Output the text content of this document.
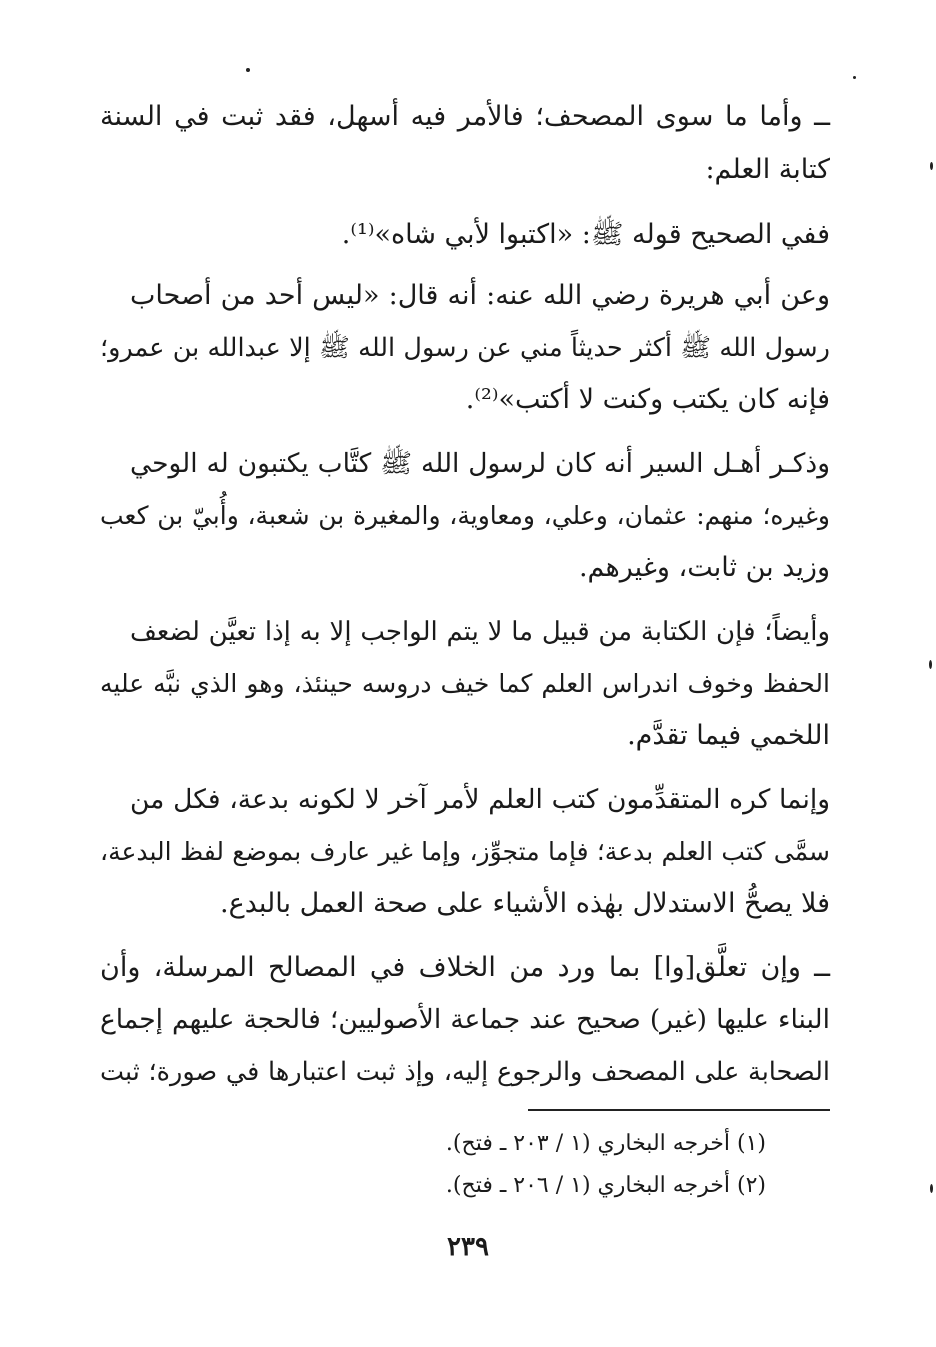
ــ وأما ما سوى المصحف؛ فالأمر فيه أسهل، فقد ثبت في السنة
كتابة العلم:
ففي الصحيح قوله ﷺ: «اكتبوا لأبي شاه»⁽¹⁾.
وعن أبي هريرة رضي الله عنه: أنه قال: «ليس أحد من أصحاب
رسول الله ﷺ أكثر حديثاً مني عن رسول الله ﷺ إلا عبدالله بن عمرو؛
فإنه كان يكتب وكنت لا أكتب»⁽²⁾.
وذكـر أهـل السير أنه كان لرسول الله ﷺ كتَّاب يكتبون له الوحي
وغيره؛ منهم: عثمان، وعلي، ومعاوية، والمغيرة بن شعبة، وأُبيّ بن كعب
وزيد بن ثابت، وغيرهم.
وأيضاً؛ فإن الكتابة من قبيل ما لا يتم الواجب إلا به إذا تعيَّن لضعف
الحفظ وخوف اندراس العلم كما خيف دروسه حينئذ، وهو الذي نبَّه عليه
اللخمي فيما تقدَّم.
وإنما كره المتقدِّمون كتب العلم لأمر آخر لا لكونه بدعة، فكل من
سمَّى كتب العلم بدعة؛ فإما متجوِّز، وإما غير عارف بموضع لفظ البدعة،
فلا يصحُّ الاستدلال بهٰذه الأشياء على صحة العمل بالبدع.
ــ وإن تعلَّق[وا] بما ورد من الخلاف في المصالح المرسلة، وأن
البناء عليها (غير) صحيح عند جماعة الأصوليين؛ فالحجة عليهم إجماع
الصحابة على المصحف والرجوع إليه، وإذ ثبت اعتبارها في صورة؛ ثبت
(١) أخرجه البخاري (١ / ٢٠٣ ـ فتح).
(٢) أخرجه البخاري (١ / ٢٠٦ ـ فتح).
٢٣٩
